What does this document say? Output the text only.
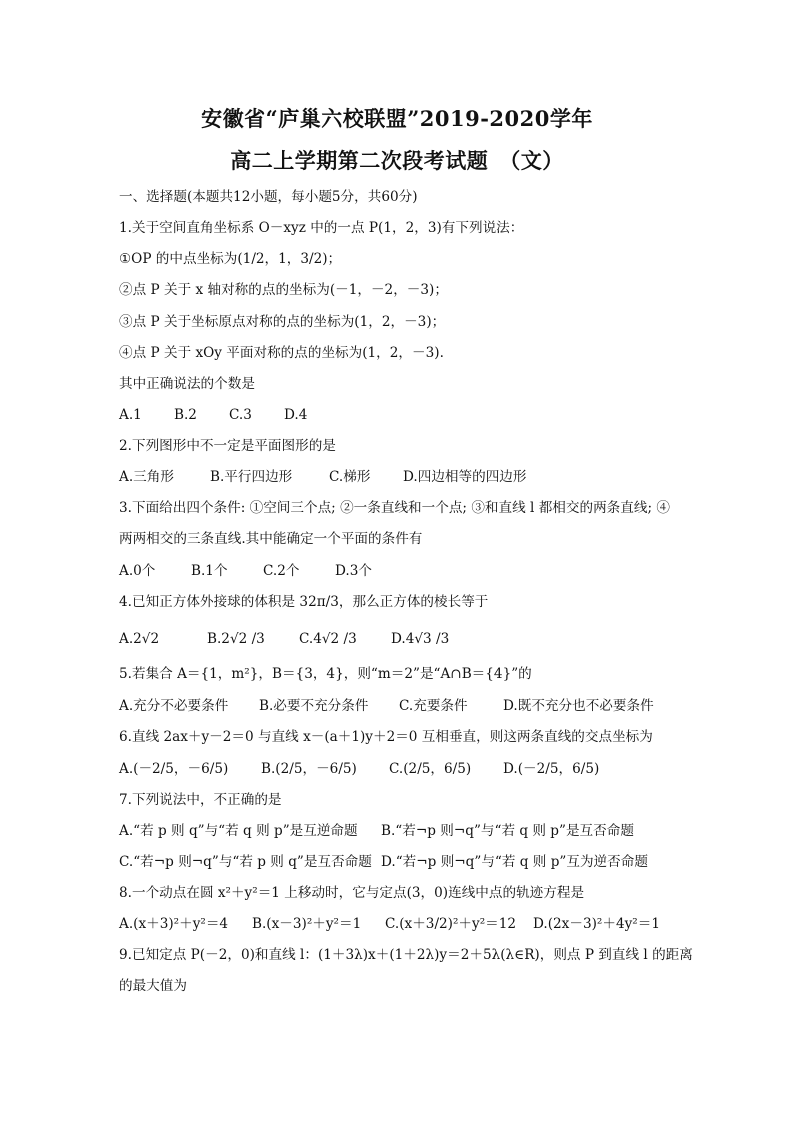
安徽省“庐巢六校联盟”2019-2020学年
高二上学期第二次段考试题　（文）
一、选择题(本题共12小题，每小题5分，共60分)
1.关于空间直角坐标系 O－xyz 中的一点 P(1，2，3)有下列说法：
①OP 的中点坐标为(1/2，1，3/2)；
②点 P 关于 x 轴对称的点的坐标为(－1，－2，－3)；
③点 P 关于坐标原点对称的点的坐标为(1，2，－3)；
④点 P 关于 xOy 平面对称的点的坐标为(1，2，－3).
其中正确说法的个数是
A.1 B.2 C.3 D.4
2.下列图形中不一定是平面图形的是
A.三角形	B.平行四边形	C.梯形 D.四边相等的四边形
3.下面给出四个条件: ①空间三个点; ②一条直线和一个点; ③和直线 l 都相交的两条直线; ④
两两相交的三条直线.其中能确定一个平面的条件有
A.0个	B.1个	C.2个	D.3个
4.已知正方体外接球的体积是 32π/3，那么正方体的棱长等于
A.2√2	B.2√2 /3	C.4√2 /3	D.4√3 /3
5.若集合 A＝{1，m²}，B＝{3，4}，则“m＝2”是“A∩B＝{4}”的
A.充分不必要条件 B.必要不充分条件 C.充要条件	D.既不充分也不必要条件
6.直线 2ax＋y－2＝0 与直线 x－(a＋1)y＋2＝0 互相垂直，则这两条直线的交点坐标为
A.(－2/5，－6/5) B.(2/5，－6/5) C.(2/5，6/5) D.(－2/5，6/5)
7.下列说法中，不正确的是
A.“若 p 则 q”与“若 q 则 p”是互逆命题 B.“若¬p 则¬q”与“若 q 则 p”是互否命题
C.“若¬p 则¬q”与“若 p 则 q”是互否命题 D.“若¬p 则¬q”与“若 q 则 p”互为逆否命题
8.一个动点在圆 x²＋y²＝1 上移动时，它与定点(3，0)连线中点的轨迹方程是
A.(x＋3)²＋y²＝4 B.(x－3)²＋y²＝1 C.(x＋3/2)²＋y²＝12 D.(2x－3)²＋4y²＝1
9.已知定点 P(－2，0)和直线 l：(1＋3λ)x＋(1＋2λ)y＝2＋5λ(λ∈R)，则点 P 到直线 l 的距离
的最大值为
